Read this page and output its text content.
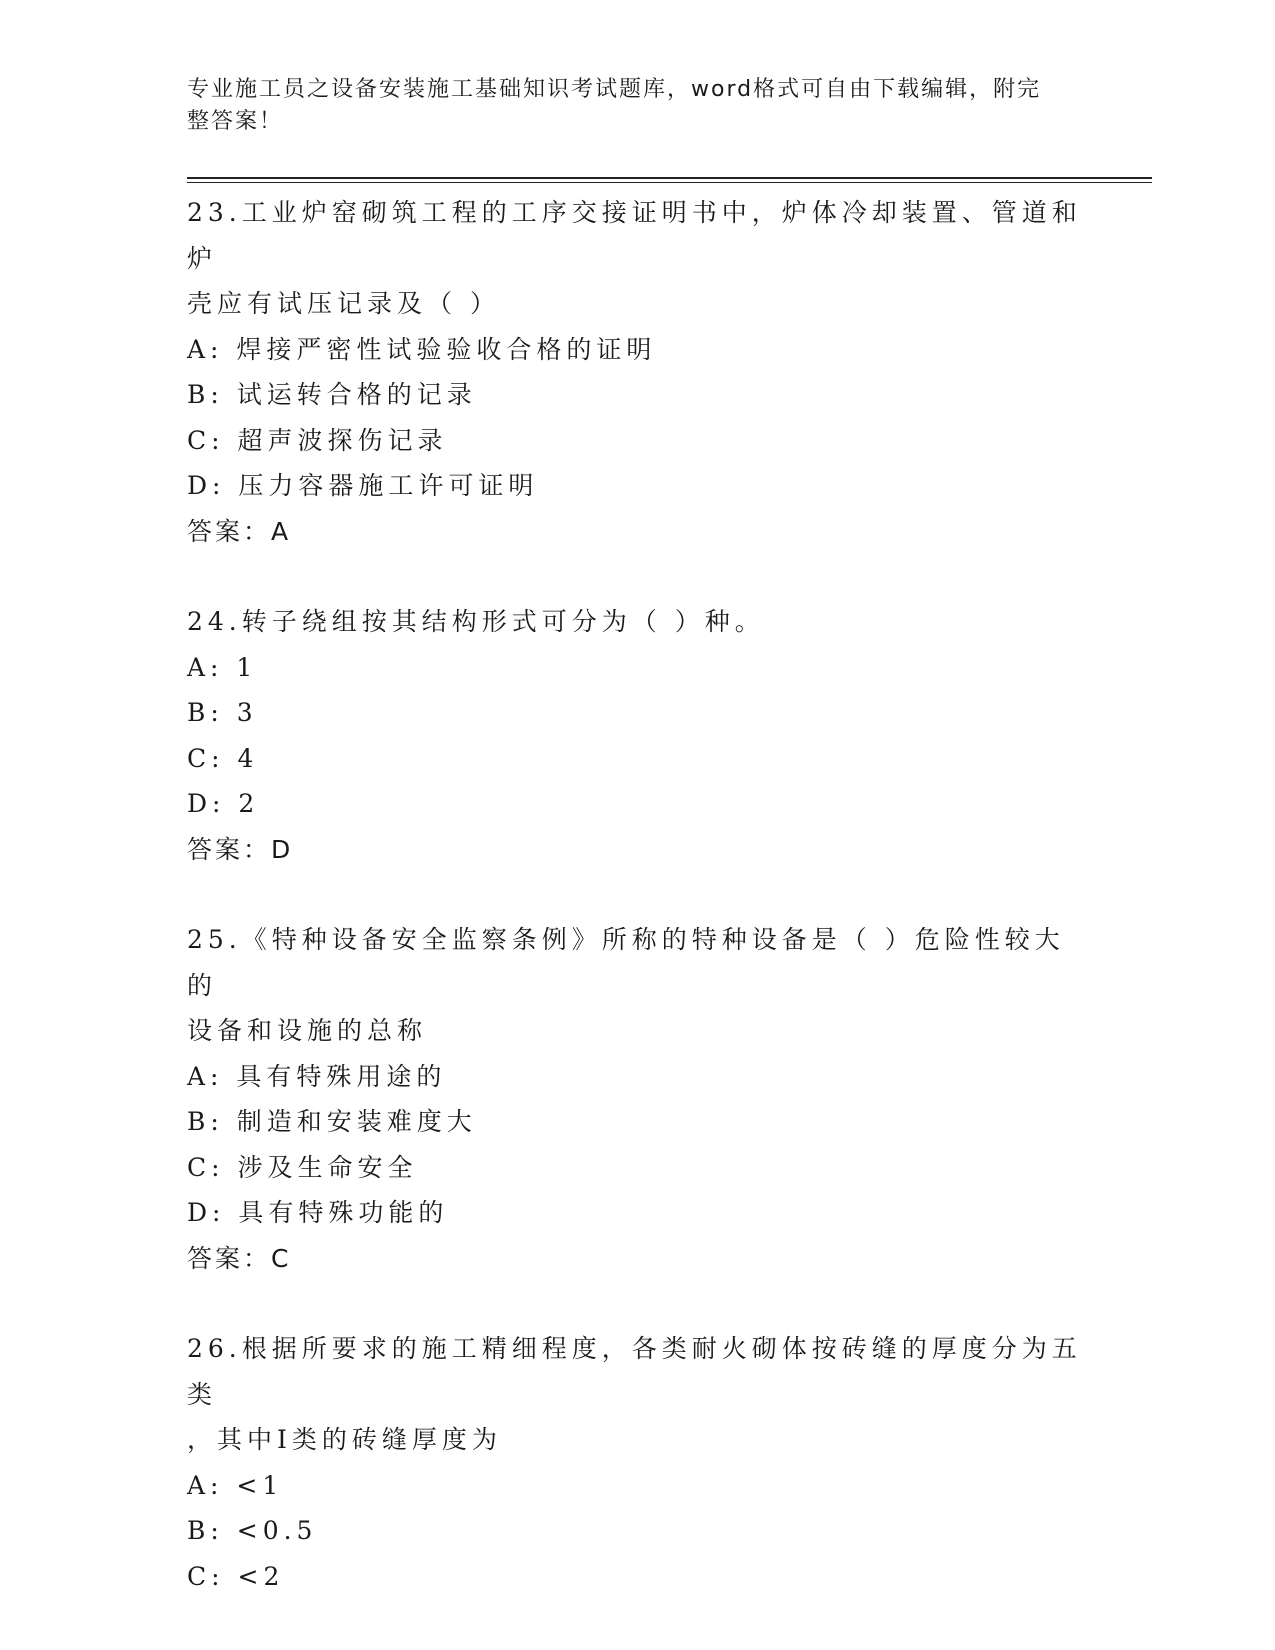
专业施工员之设备安装施工基础知识考试题库，word格式可自由下载编辑，附完
整答案！
23.工业炉窑砌筑工程的工序交接证明书中，炉体冷却装置、管道和炉
壳应有试压记录及（ ）
A: 焊接严密性试验验收合格的证明
B: 试运转合格的记录
C: 超声波探伤记录
D: 压力容器施工许可证明
答案：A
24.转子绕组按其结构形式可分为（ ）种。
A: 1
B: 3
C: 4
D: 2
答案：D
25.《特种设备安全监察条例》所称的特种设备是（ ）危险性较大的
设备和设施的总称
A: 具有特殊用途的
B: 制造和安装难度大
C: 涉及生命安全
D: 具有特殊功能的
答案：C
26.根据所要求的施工精细程度，各类耐火砌体按砖缝的厚度分为五类
，其中Ⅰ类的砖缝厚度为
A: <1
B: <0.5
C: <2
